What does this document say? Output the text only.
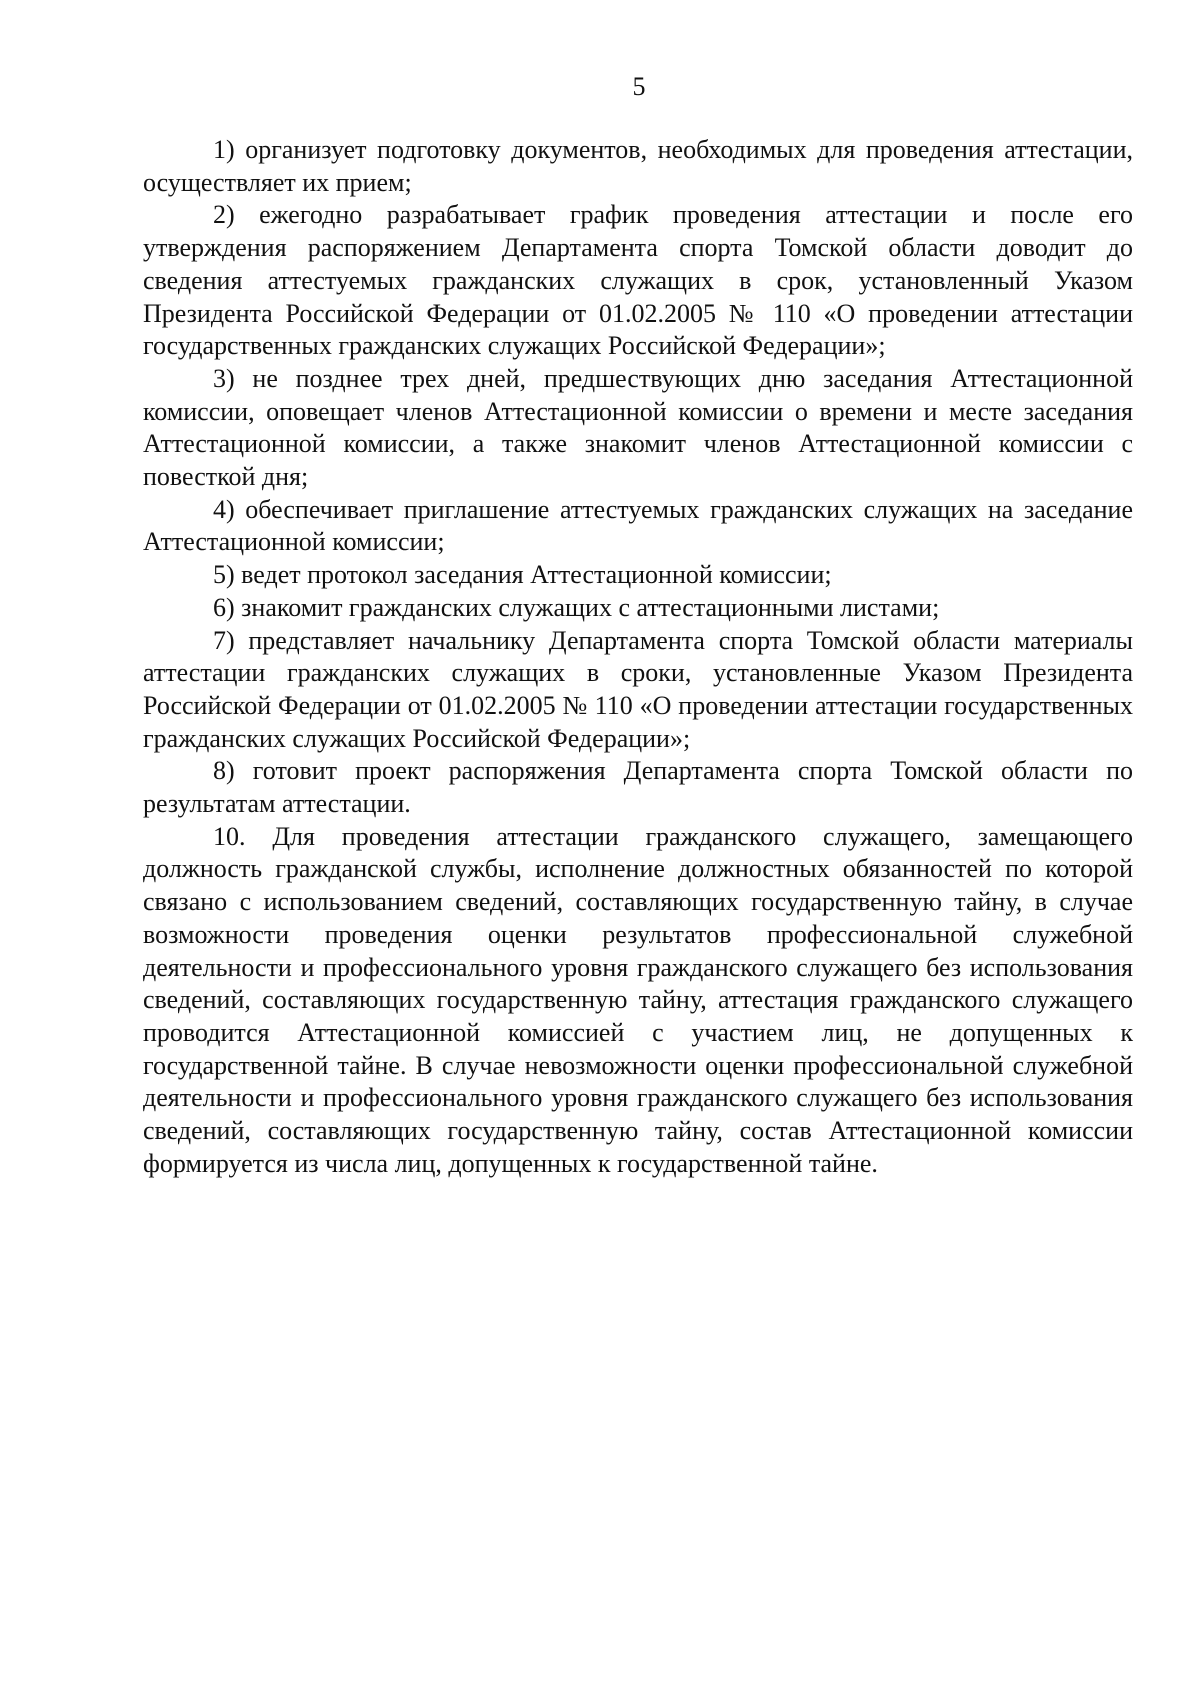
5

1) организует подготовку документов, необходимых для проведения аттестации, осуществляет их прием;

2) ежегодно разрабатывает график проведения аттестации и после его утверждения распоряжением Департамента спорта Томской области доводит до сведения аттестуемых гражданских служащих в срок, установленный Указом Президента Российской Федерации от 01.02.2005 № 110 «О проведении аттестации государственных гражданских служащих Российской Федерации»;

3) не позднее трех дней, предшествующих дню заседания Аттестационной комиссии, оповещает членов Аттестационной комиссии о времени и месте заседания Аттестационной комиссии, а также знакомит членов Аттестационной комиссии с повесткой дня;

4) обеспечивает приглашение аттестуемых гражданских служащих на заседание Аттестационной комиссии;

5) ведет протокол заседания Аттестационной комиссии;

6) знакомит гражданских служащих с аттестационными листами;

7) представляет начальнику Департамента спорта Томской области материалы аттестации гражданских служащих в сроки, установленные Указом Президента Российской Федерации от 01.02.2005 № 110 «О проведении аттестации государственных гражданских служащих Российской Федерации»;

8) готовит проект распоряжения Департамента спорта Томской области по результатам аттестации.

10. Для проведения аттестации гражданского служащего, замещающего должность гражданской службы, исполнение должностных обязанностей по которой связано с использованием сведений, составляющих государственную тайну, в случае возможности проведения оценки результатов профессиональной служебной деятельности и профессионального уровня гражданского служащего без использования сведений, составляющих государственную тайну, аттестация гражданского служащего проводится Аттестационной комиссией с участием лиц, не допущенных к государственной тайне. В случае невозможности оценки профессиональной служебной деятельности и профессионального уровня гражданского служащего без использования сведений, составляющих государственную тайну, состав Аттестационной комиссии формируется из числа лиц, допущенных к государственной тайне.
